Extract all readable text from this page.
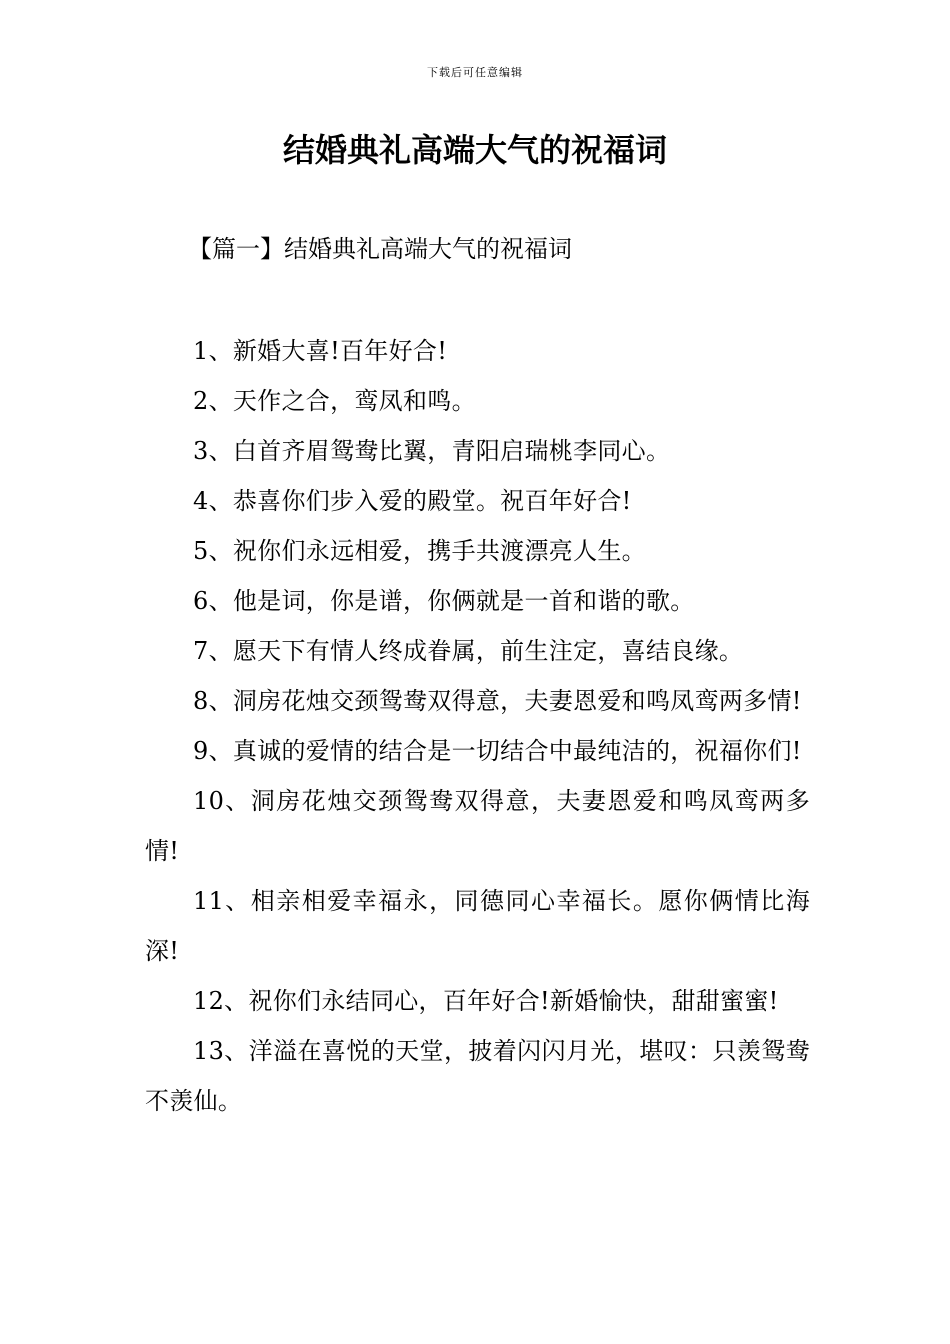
下载后可任意编辑
结婚典礼高端大气的祝福词
【篇一】结婚典礼高端大气的祝福词

1、新婚大喜!百年好合!

2、天作之合，鸾凤和鸣。

3、白首齐眉鸳鸯比翼，青阳启瑞桃李同心。

4、恭喜你们步入爱的殿堂。祝百年好合!

5、祝你们永远相爱，携手共渡漂亮人生。

6、他是词，你是谱，你俩就是一首和谐的歌。

7、愿天下有情人终成眷属，前生注定，喜结良缘。

8、洞房花烛交颈鸳鸯双得意，夫妻恩爱和鸣凤鸾两多情!

9、真诚的爱情的结合是一切结合中最纯洁的，祝福你们!

10、洞房花烛交颈鸳鸯双得意，夫妻恩爱和鸣凤鸾两多情!

11、相亲相爱幸福永，同德同心幸福长。愿你俩情比海深!

12、祝你们永结同心，百年好合!新婚愉快，甜甜蜜蜜!

13、洋溢在喜悦的天堂，披着闪闪月光，堪叹：只羡鸳鸯不羡仙。
